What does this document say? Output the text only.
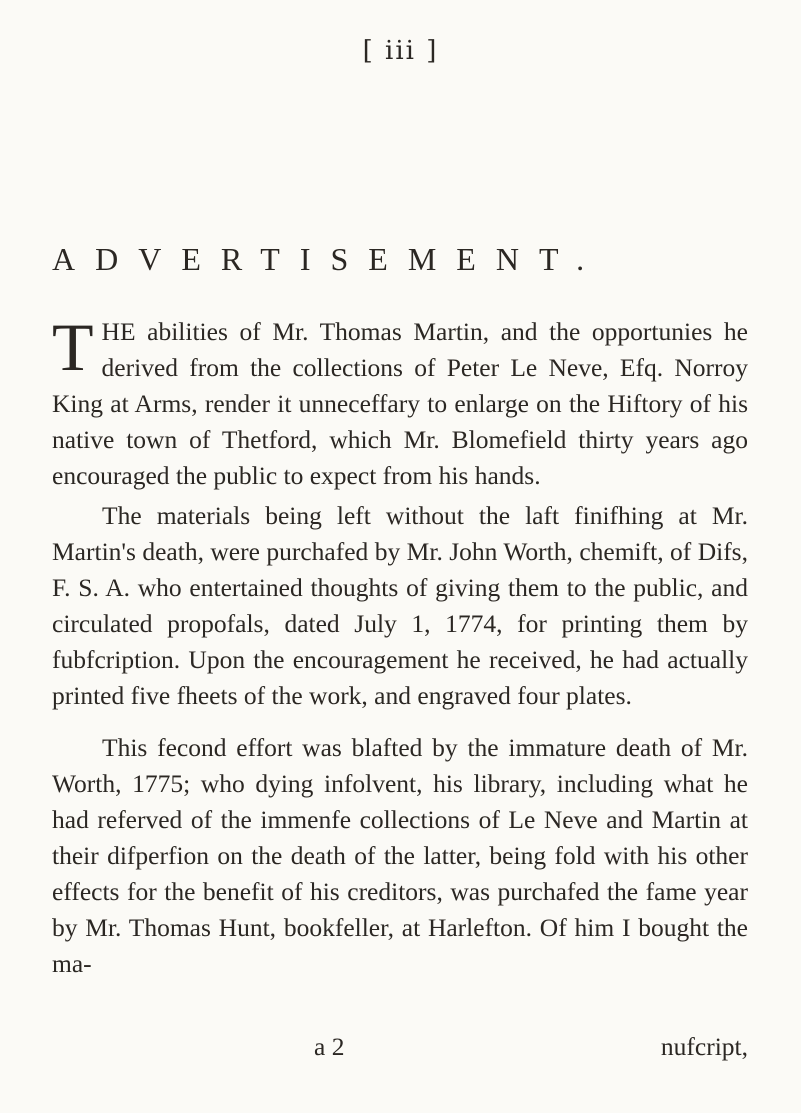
[ iii ]
ADVERTISEMENT.

THE abilities of Mr. Thomas Martin, and the opportunies he derived from the collections of Peter Le Neve, Efq. Norroy King at Arms, render it unneceffary to enlarge on the Hiftory of his native town of Thetford, which Mr. Blomefield thirty years ago encouraged the public to expect from his hands.

The materials being left without the laft finifhing at Mr. Martin's death, were purchafed by Mr. John Worth, chemift, of Difs, F. S. A. who entertained thoughts of giving them to the public, and circulated propofals, dated July 1, 1774, for printing them by fubfcription. Upon the encouragement he received, he had actually printed five fheets of the work, and engraved four plates.

This fecond effort was blafted by the immature death of Mr. Worth, 1775; who dying infolvent, his library, including what he had referved of the immenfe collections of Le Neve and Martin at their difperfion on the death of the latter, being fold with his other effects for the benefit of his creditors, was purchafed the fame year by Mr. Thomas Hunt, bookfeller, at Harlefton. Of him I bought the ma-

a 2	nufcript,
